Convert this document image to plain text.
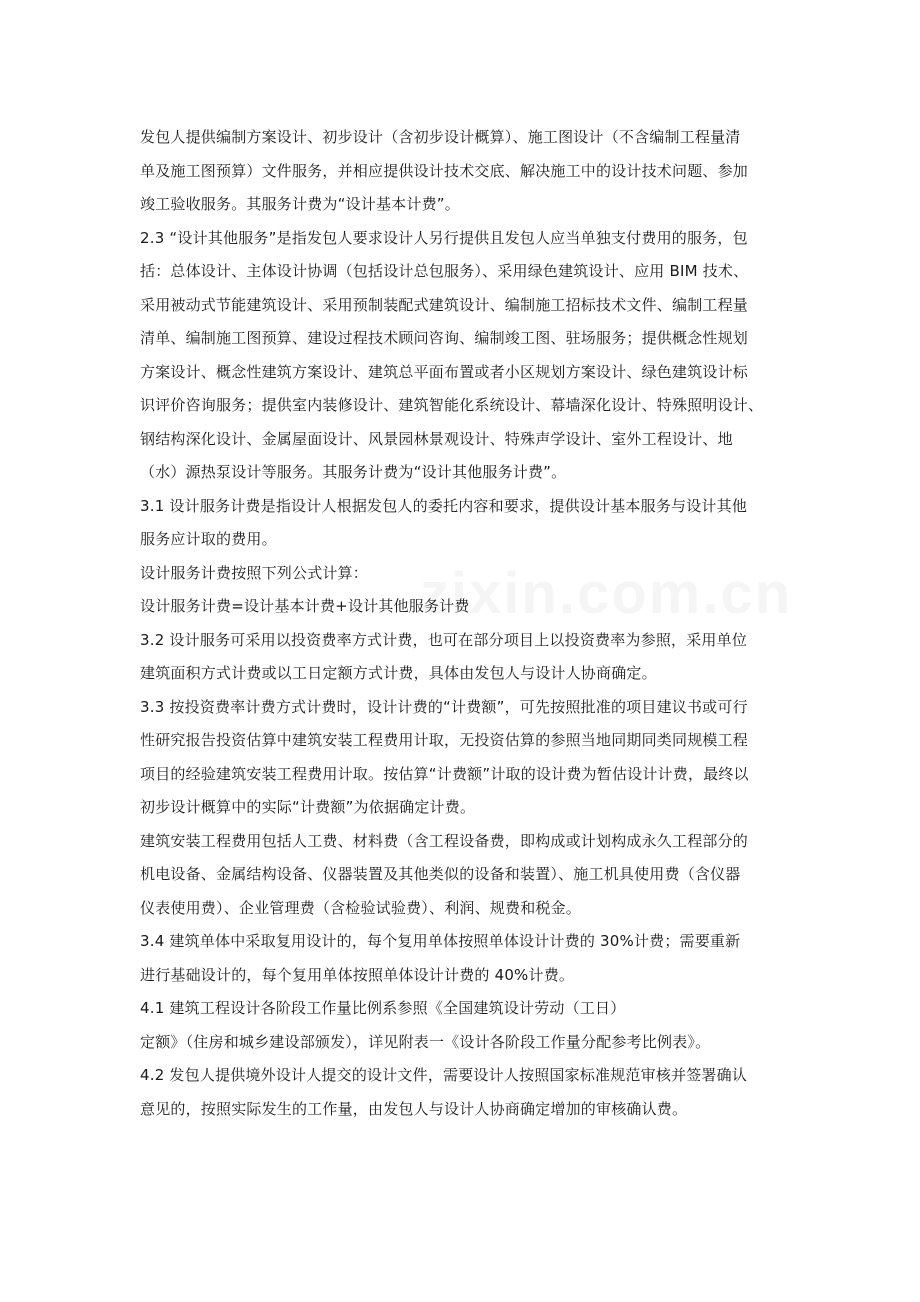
zixin.com.cn
发包人提供编制方案设计、初步设计（含初步设计概算）、施工图设计（不含编制工程量清
单及施工图预算）文件服务，并相应提供设计技术交底、解决施工中的设计技术问题、参加
竣工验收服务。其服务计费为“设计基本计费”。
2.3 “设计其他服务”是指发包人要求设计人另行提供且发包人应当单独支付费用的服务，包
括：总体设计、主体设计协调（包括设计总包服务）、采用绿色建筑设计、应用 BIM 技术、
采用被动式节能建筑设计、采用预制装配式建筑设计、编制施工招标技术文件、编制工程量
清单、编制施工图预算、建设过程技术顾问咨询、编制竣工图、驻场服务；提供概念性规划
方案设计、概念性建筑方案设计、建筑总平面布置或者小区规划方案设计、绿色建筑设计标
识评价咨询服务；提供室内装修设计、建筑智能化系统设计、幕墙深化设计、特殊照明设计、
钢结构深化设计、金属屋面设计、风景园林景观设计、特殊声学设计、室外工程设计、地
（水）源热泵设计等服务。其服务计费为“设计其他服务计费”。
3.1 设计服务计费是指设计人根据发包人的委托内容和要求，提供设计基本服务与设计其他
服务应计取的费用。
设计服务计费按照下列公式计算：
设计服务计费=设计基本计费+设计其他服务计费
3.2 设计服务可采用以投资费率方式计费，也可在部分项目上以投资费率为参照，采用单位
建筑面积方式计费或以工日定额方式计费，具体由发包人与设计人协商确定。
3.3 按投资费率计费方式计费时，设计计费的“计费额”，可先按照批准的项目建议书或可行
性研究报告投资估算中建筑安装工程费用计取，无投资估算的参照当地同期同类同规模工程
项目的经验建筑安装工程费用计取。按估算“计费额”计取的设计费为暂估设计计费，最终以
初步设计概算中的实际“计费额”为依据确定计费。
建筑安装工程费用包括人工费、材料费（含工程设备费，即构成或计划构成永久工程部分的
机电设备、金属结构设备、仪器装置及其他类似的设备和装置）、施工机具使用费（含仪器
仪表使用费）、企业管理费（含检验试验费）、利润、规费和税金。
3.4 建筑单体中采取复用设计的，每个复用单体按照单体设计计费的 30%计费；需要重新
进行基础设计的，每个复用单体按照单体设计计费的 40%计费。
4.1 建筑工程设计各阶段工作量比例系参照《全国建筑设计劳动（工日）
定额》（住房和城乡建设部颁发），详见附表一《设计各阶段工作量分配参考比例表》。
4.2 发包人提供境外设计人提交的设计文件，需要设计人按照国家标准规范审核并签署确认
意见的，按照实际发生的工作量，由发包人与设计人协商确定增加的审核确认费。
